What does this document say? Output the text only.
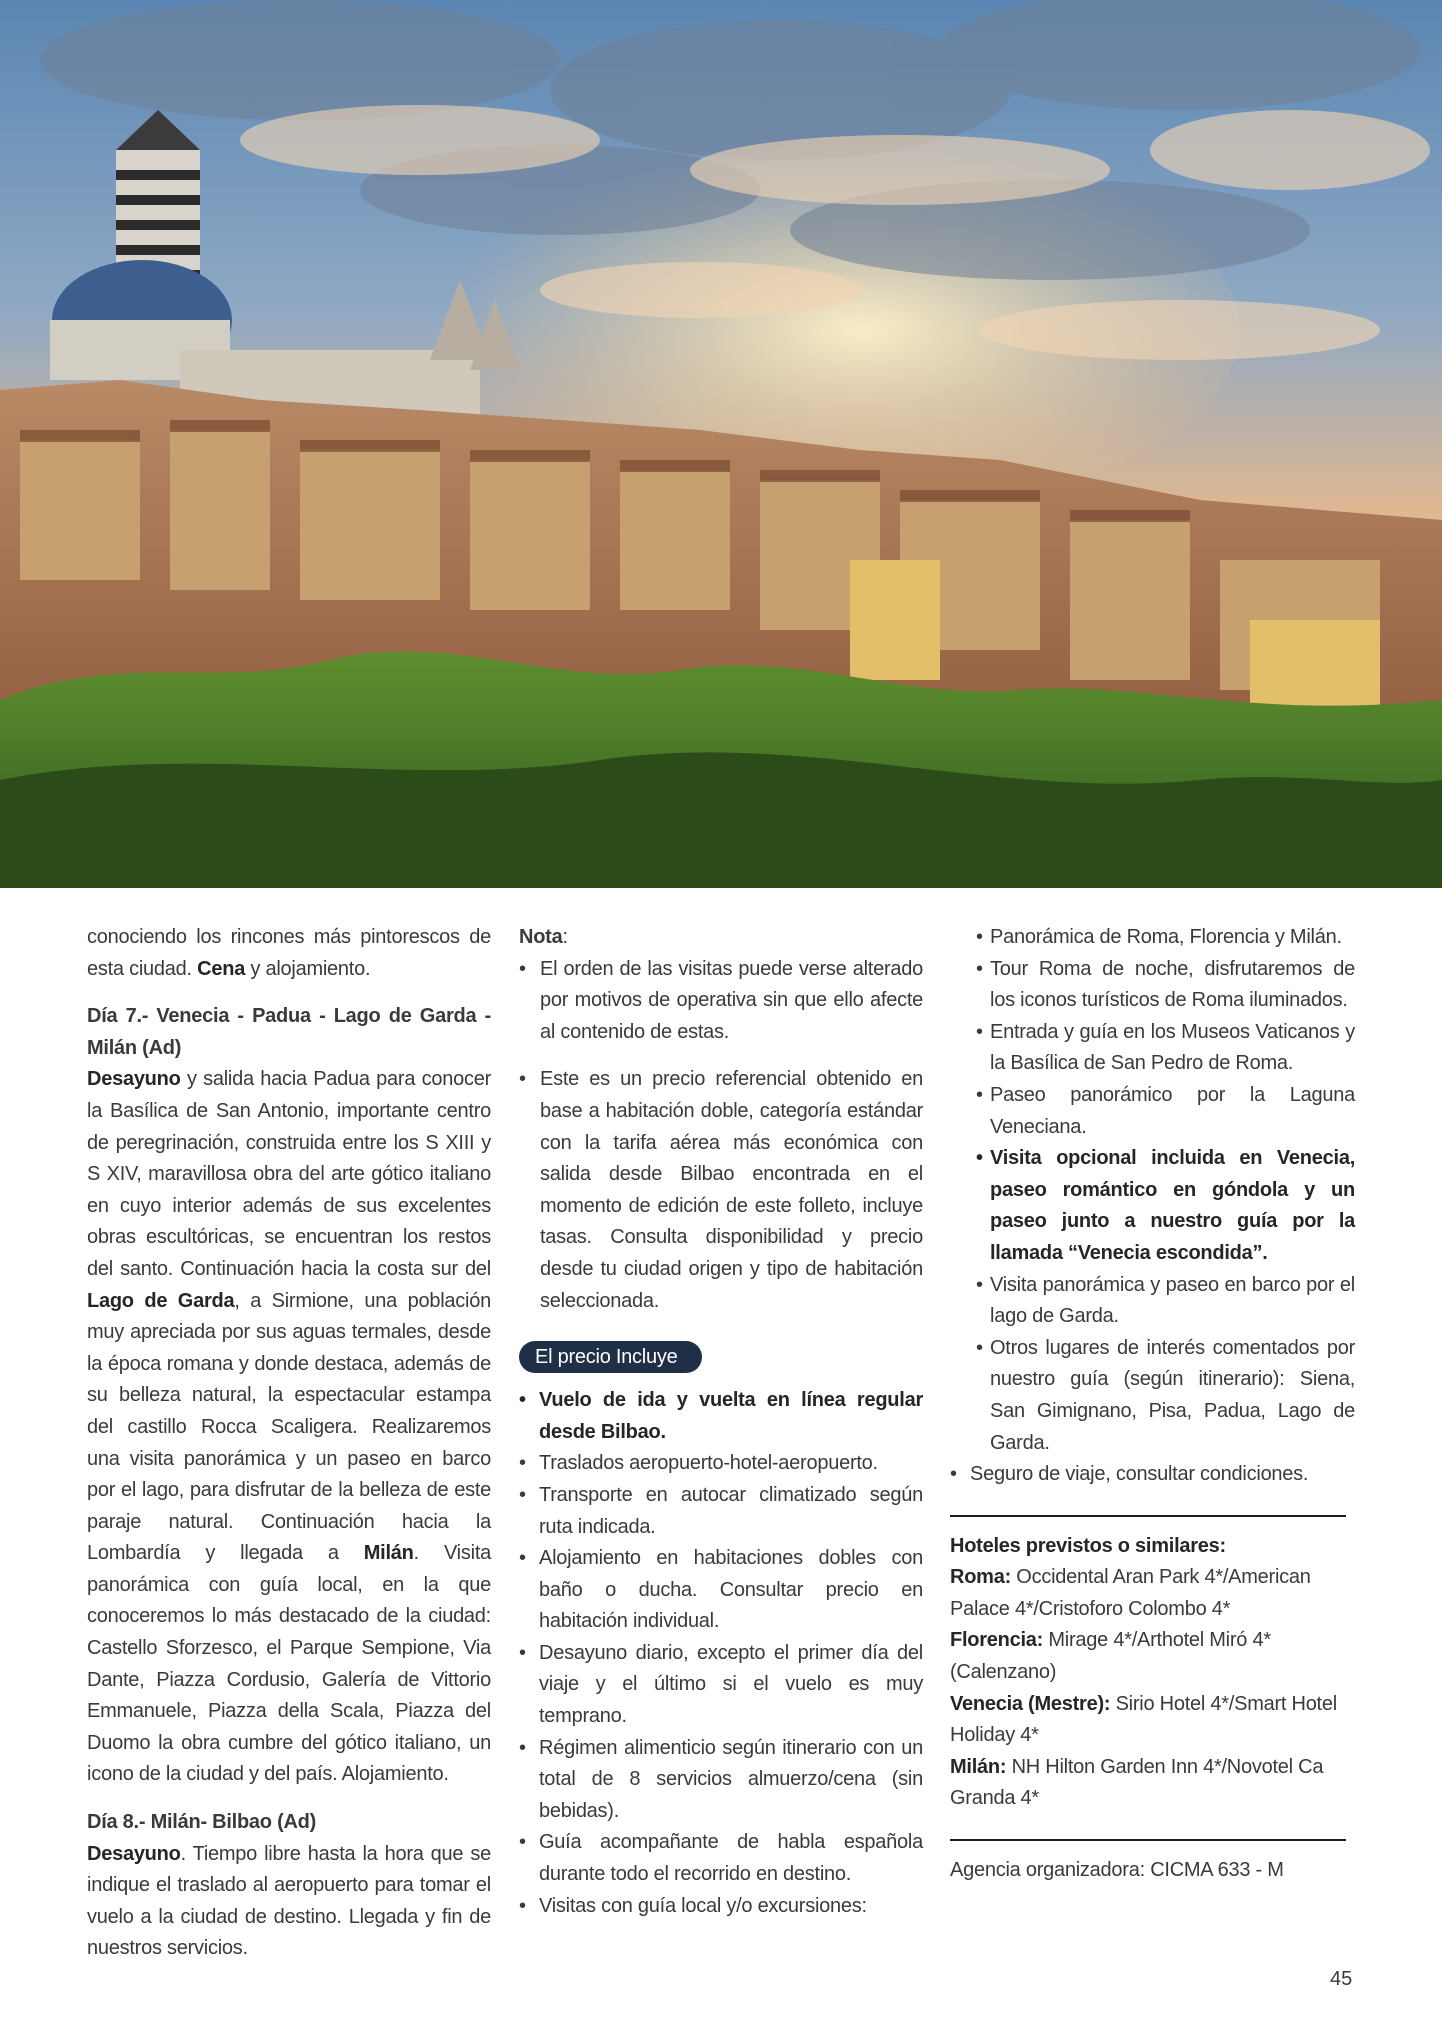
conociendo los rincones más pintorescos de esta ciudad. Cena y alojamiento.

Día 7.- Venecia - Padua - Lago de Garda - Milán (Ad)

Desayuno y salida hacia Padua para conocer la Basílica de San Antonio, importante centro de peregrinación, construida entre los S XIII y S XIV, maravillosa obra del arte gótico italiano en cuyo interior además de sus excelentes obras escultóricas, se encuentran los restos del santo. Continuación hacia la costa sur del Lago de Garda, a Sirmione, una población muy apreciada por sus aguas termales, desde la época romana y donde destaca, además de su belleza natural, la espectacular estampa del castillo Rocca Scaligera. Realizaremos una visita panorámica y un paseo en barco por el lago, para disfrutar de la belleza de este paraje natural. Continuación hacia la Lombardía y llegada a Milán. Visita panorámica con guía local, en la que conoceremos lo más destacado de la ciudad: Castello Sforzesco, el Parque Sempione, Via Dante, Piazza Cordusio, Galería de Vittorio Emmanuele, Piazza della Scala, Piazza del Duomo la obra cumbre del gótico italiano, un icono de la ciudad y del país. Alojamiento.

Día 8.- Milán- Bilbao (Ad)

Desayuno. Tiempo libre hasta la hora que se indique el traslado al aeropuerto para tomar el vuelo a la ciudad de destino. Llegada y fin de nuestros servicios.

Nota:

• El orden de las visitas puede verse alterado por motivos de operativa sin que ello afecte al contenido de estas.
• Este es un precio referencial obtenido en base a habitación doble, categoría estándar con la tarifa aérea más económica con salida desde Bilbao encontrada en el momento de edición de este folleto, incluye tasas. Consulta disponibilidad y precio desde tu ciudad origen y tipo de habitación seleccionada.
El precio Incluye
• Vuelo de ida y vuelta en línea regular desde Bilbao.
• Traslados aeropuerto-hotel-aeropuerto.
• Transporte en autocar climatizado según ruta indicada.
• Alojamiento en habitaciones dobles con baño o ducha. Consultar precio en habitación individual.
• Desayuno diario, excepto el primer día del viaje y el último si el vuelo es muy temprano.
• Régimen alimenticio según itinerario con un total de 8 servicios almuerzo/cena (sin bebidas).
• Guía acompañante de habla española durante todo el recorrido en destino.
• Visitas con guía local y/o excursiones:
• Panorámica de Roma, Florencia y Milán.
• Tour Roma de noche, disfrutaremos de los iconos turísticos de Roma iluminados.
• Entrada y guía en los Museos Vaticanos y la Basílica de San Pedro de Roma.
• Paseo panorámico por la Laguna Veneciana.
• Visita opcional incluida en Venecia, paseo romántico en góndola y un paseo junto a nuestro guía por la llamada “Venecia escondida”.
• Visita panorámica y paseo en barco por el lago de Garda.
• Otros lugares de interés comentados por nuestro guía (según itinerario): Siena, San Gimignano, Pisa, Padua, Lago de Garda.
• Seguro de viaje, consultar condiciones.

Hoteles previstos o similares:

Roma: Occidental Aran Park 4*/American Palace 4*/Cristoforo Colombo 4*

Florencia: Mirage 4*/Arthotel Miró 4* (Calenzano)

Venecia (Mestre): Sirio Hotel 4*/Smart Hotel Holiday 4*

Milán: NH Hilton Garden Inn 4*/Novotel Ca Granda 4*

Agencia organizadora: CICMA 633 - M

45
